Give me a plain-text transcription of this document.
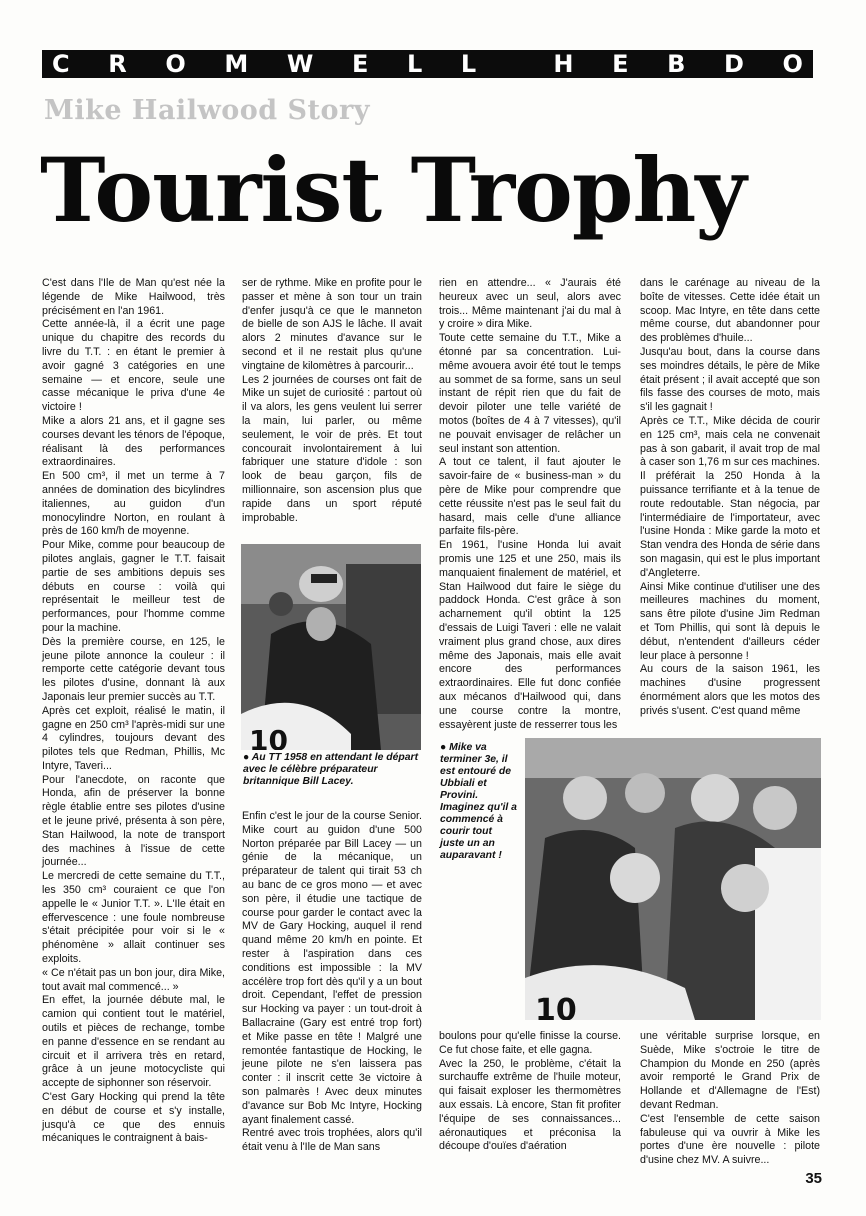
C R O M W E L L	H E B D O
Mike Hailwood Story
Tourist Trophy

C'est dans l'Ile de Man qu'est née la légende de Mike Hailwood, très précisément en l'an 1961.

Cette année-là, il a écrit une page unique du chapitre des records du livre du T.T. : en étant le premier à avoir gagné 3 catégories en une semaine — et encore, seule une casse mécanique le priva d'une 4e victoire !

Mike a alors 21 ans, et il gagne ses courses devant les ténors de l'époque, réalisant là des performances extraordinaires.

En 500 cm³, il met un terme à 7 années de domination des bicylindres italiennes, au guidon d'un monocylindre Norton, en roulant à près de 160 km/h de moyenne.

Pour Mike, comme pour beaucoup de pilotes anglais, gagner le T.T. faisait partie de ses ambitions depuis ses débuts en course : voilà qui représentait le meilleur test de performances, pour l'homme comme pour la machine.

Dès la première course, en 125, le jeune pilote annonce la couleur : il remporte cette catégorie devant tous les pilotes d'usine, donnant là aux Japonais leur premier succès au T.T.

Après cet exploit, réalisé le matin, il gagne en 250 cm³ l'après-midi sur une 4 cylindres, toujours devant des pilotes tels que Redman, Phillis, Mc Intyre, Taveri...

Pour l'anecdote, on raconte que Honda, afin de préserver la bonne règle établie entre ses pilotes d'usine et le jeune privé, présenta à son père, Stan Hailwood, la note de transport des machines à l'issue de cette journée...

Le mercredi de cette semaine du T.T., les 350 cm³ couraient ce que l'on appelle le « Junior T.T. ». L'Ile était en effervescence : une foule nombreuse s'était précipitée pour voir si le « phénomène » allait continuer ses exploits.

« Ce n'était pas un bon jour, dira Mike, tout avait mal commencé... »

En effet, la journée débute mal, le camion qui contient tout le matériel, outils et pièces de rechange, tombe en panne d'essence en se rendant au circuit et il arrivera très en retard, grâce à un jeune motocycliste qui accepte de siphonner son réservoir.

C'est Gary Hocking qui prend la tête en début de course et s'y installe, jusqu'à ce que des ennuis mécaniques le contraignent à bais-

ser de rythme. Mike en profite pour le passer et mène à son tour un train d'enfer jusqu'à ce que le manneton de bielle de son AJS le lâche. Il avait alors 2 minutes d'avance sur le second et il ne restait plus qu'une vingtaine de kilomètres à parcourir...

Les 2 journées de courses ont fait de Mike un sujet de curiosité : partout où il va alors, les gens veulent lui serrer la main, lui parler, ou même seulement, le voir de près. Et tout concourait involontairement à lui fabriquer une stature d'idole : son look de beau garçon, fils de millionnaire, son ascension plus que rapide dans un sport réputé improbable.

rien en attendre... « J'aurais été heureux avec un seul, alors avec trois... Même maintenant j'ai du mal à y croire » dira Mike.

Toute cette semaine du T.T., Mike a étonné par sa concentration. Lui-même avouera avoir été tout le temps au sommet de sa forme, sans un seul instant de répit rien que du fait de devoir piloter une telle variété de motos (boîtes de 4 à 7 vitesses), qu'il ne pouvait envisager de relâcher un seul instant son attention.

A tout ce talent, il faut ajouter le savoir-faire de « business-man » du père de Mike pour comprendre que cette réussite n'est pas le seul fait du hasard, mais celle d'une alliance parfaite fils-père.

En 1961, l'usine Honda lui avait promis une 125 et une 250, mais ils manquaient finalement de matériel, et Stan Hailwood dut faire le siège du paddock Honda. C'est grâce à son acharnement qu'il obtint la 125 d'essais de Luigi Taveri : elle ne valait vraiment plus grand chose, aux dires même des Japonais, mais elle avait encore des performances extraordinaires. Elle fut donc confiée aux mécanos d'Hailwood qui, dans une course contre la montre, essayèrent juste de resserrer tous les

dans le carénage au niveau de la boîte de vitesses. Cette idée était un scoop. Mac Intyre, en tête dans cette même course, dut abandonner pour des problèmes d'huile...

Jusqu'au bout, dans la course dans ses moindres détails, le père de Mike était présent ; il avait accepté que son fils fasse des courses de moto, mais s'il les gagnait !

Après ce T.T., Mike décida de courir en 125 cm³, mais cela ne convenait pas à son gabarit, il avait trop de mal à caser son 1,76 m sur ces machines. Il préférait la 250 Honda à la puissance terrifiante et à la tenue de route redoutable. Stan négocia, par l'intermédiaire de l'importateur, avec l'usine Honda : Mike garde la moto et Stan vendra des Honda de série dans son magasin, qui est le plus important d'Angleterre.

Ainsi Mike continue d'utiliser une des meilleures machines du moment, sans être pilote d'usine Jim Redman et Tom Phillis, qui sont là depuis le début, n'entendent d'ailleurs céder leur place à personne !

Au cours de la saison 1961, les machines d'usine progressent énormément alors que les motos des privés s'usent. C'est quand même

10
● Au TT 1958 en attendant le départ avec le célèbre préparateur britannique Bill Lacey.

Enfin c'est le jour de la course Senior. Mike court au guidon d'une 500 Norton préparée par Bill Lacey — un génie de la mécanique, un préparateur de talent qui tirait 53 ch au banc de ce gros mono — et avec son père, il étudie une tactique de course pour garder le contact avec la MV de Gary Hocking, auquel il rend quand même 20 km/h en pointe. Et rester à l'aspiration dans ces conditions est impossible : la MV accélère trop fort dès qu'il y a un bout droit. Cependant, l'effet de pression sur Hocking va payer : un tout-droit à Ballacraine (Gary est entré trop fort) et Mike passe en tête ! Malgré une remontée fantastique de Hocking, le jeune pilote ne s'en laissera pas conter : il inscrit cette 3e victoire à son palmarès ! Avec deux minutes d'avance sur Bob Mc Intyre, Hocking ayant finalement cassé.

Rentré avec trois trophées, alors qu'il était venu à l'Ile de Man sans

● Mike va terminer 3e, il est entouré de Ubbiali et Provini. Imaginez qu'il a commencé à courir tout juste un an auparavant !
10

boulons pour qu'elle finisse la course. Ce fut chose faite, et elle gagna.

Avec la 250, le problème, c'était la surchauffe extrême de l'huile moteur, qui faisait exploser les thermomètres aux essais. Là encore, Stan fit profiter l'équipe de ses connaissances... aéronautiques et préconisa la découpe d'ouïes d'aération

une véritable surprise lorsque, en Suède, Mike s'octroie le titre de Champion du Monde en 250 (après avoir remporté le Grand Prix de Hollande et d'Allemagne de l'Est) devant Redman.

C'est l'ensemble de cette saison fabuleuse qui va ouvrir à Mike les portes d'une ère nouvelle : pilote d'usine chez MV. A suivre...

35
